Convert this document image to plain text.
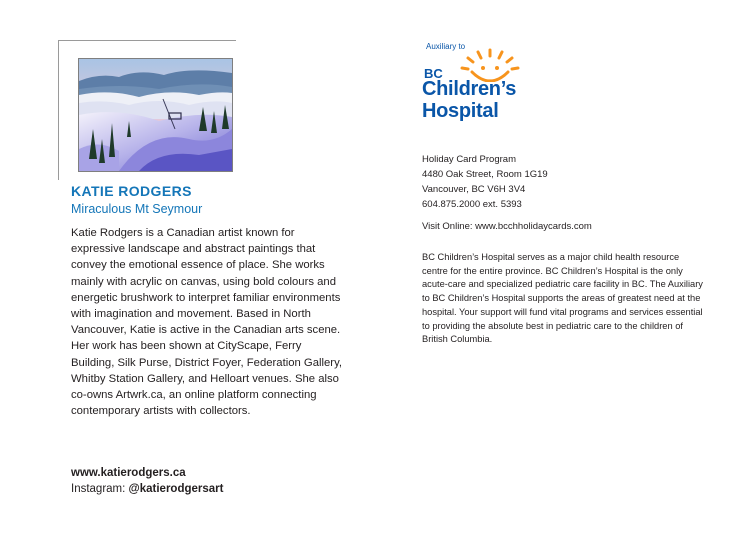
KATIE RODGERS
Miraculous Mt Seymour
Katie Rodgers is a Canadian artist known for expressive landscape and abstract paintings that convey the emotional essence of place. She works mainly with acrylic on canvas, using bold colours and energetic brushwork to interpret familiar environments with imagination and movement. Based in North Vancouver, Katie is active in the Canadian arts scene. Her work has been shown at CityScape, Ferry Building, Silk Purse, District Foyer, Federation Gallery, Whitby Station Gallery, and Helloart venues. She also co-owns Artwrk.ca, an online platform connecting contemporary artists with collectors.
www.katierodgers.ca
Instagram: @katierodgersart
Auxiliary to
BC
Children’s
Hospital
Holiday Card Program
4480 Oak Street, Room 1G19
Vancouver, BC V6H 3V4
604.875.2000 ext. 5393
Visit Online: www.bcchholidaycards.com
BC Children’s Hospital serves as a major child health resource centre for the entire province. BC Children’s Hospital is the only acute-care and specialized pediatric care facility in BC. The Auxiliary to BC Children’s Hospital supports the areas of greatest need at the hospital. Your support will fund vital programs and services essential to providing the absolute best in pediatric care to the children of British Columbia.
